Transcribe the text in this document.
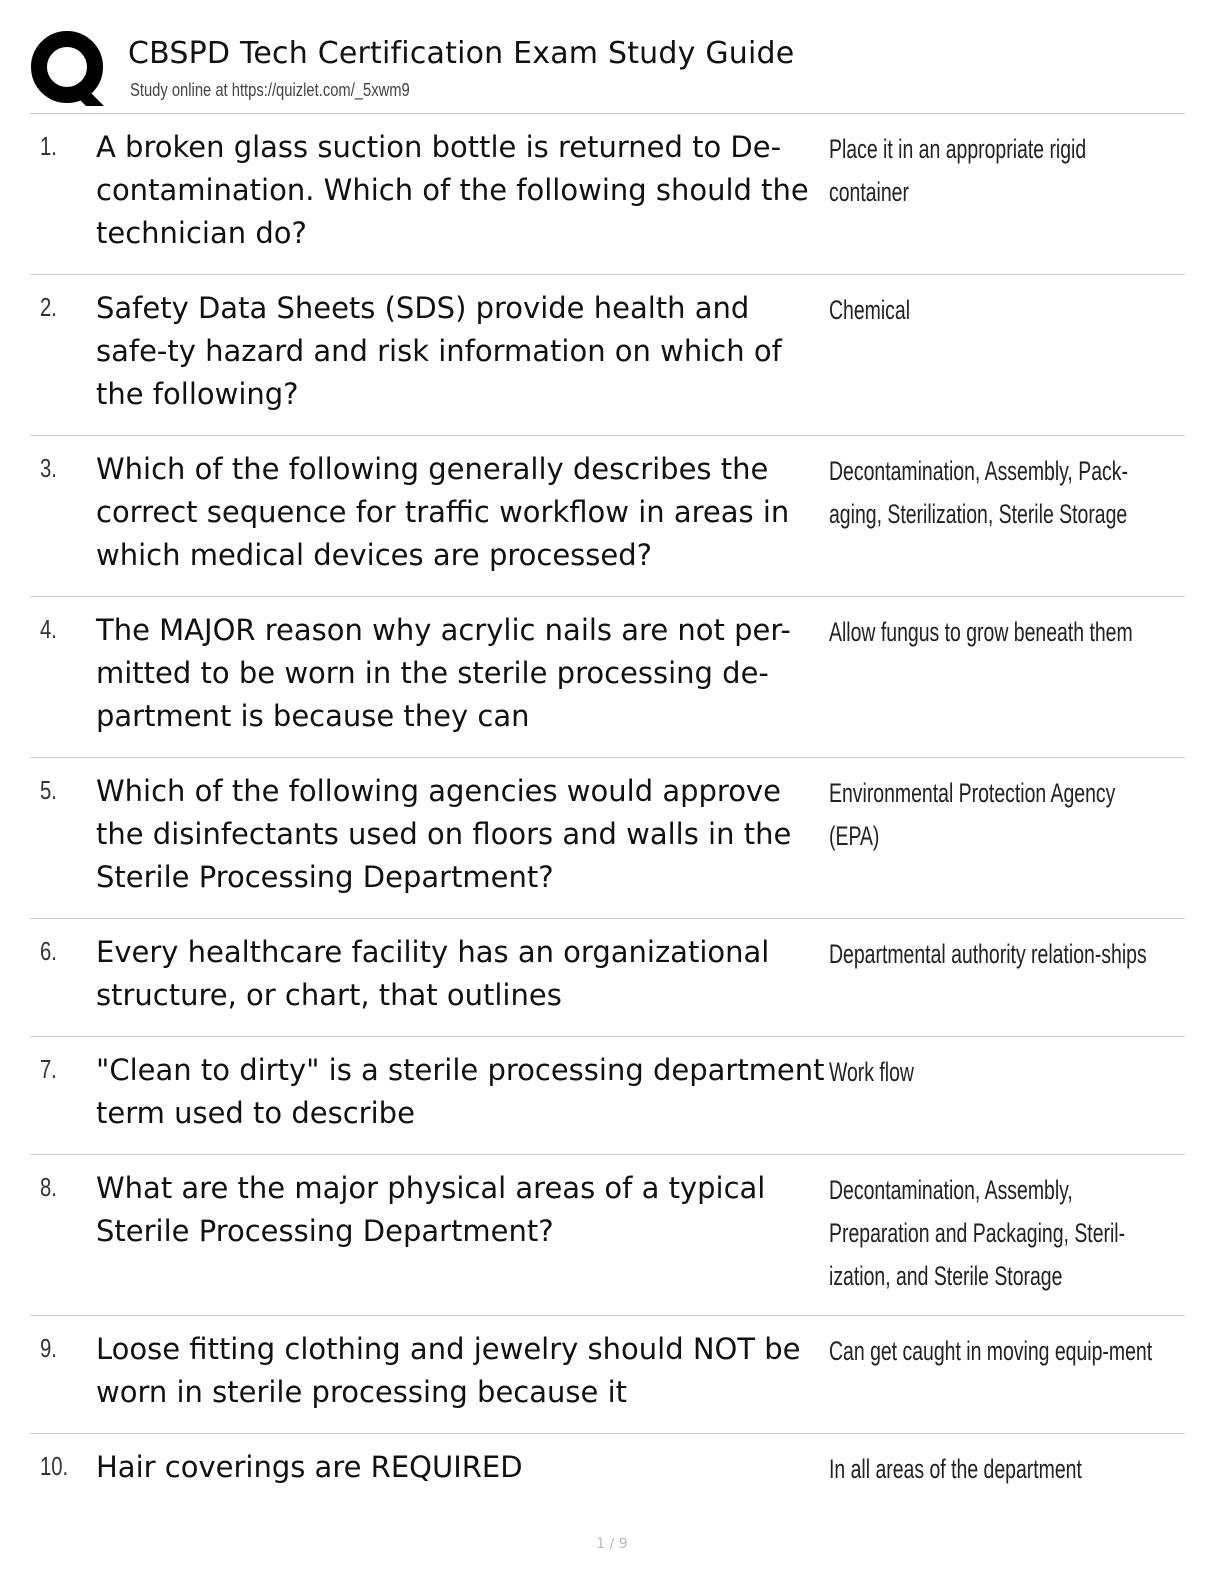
CBSPD Tech Certification Exam Study Guide
Study online at https://quizlet.com/_5xwm9
1. A broken glass suction bottle is returned to De-contamination. Which of the following should the technician do?
Place it in an appropriate rigid container
2. Safety Data Sheets (SDS) provide health and safe-ty hazard and risk information on which of the following?
Chemical
3. Which of the following generally describes the correct sequence for traffic workflow in areas in which medical devices are processed?
Decontamination, Assembly, Pack-aging, Sterilization, Sterile Storage
4. The MAJOR reason why acrylic nails are not per-mitted to be worn in the sterile processing de-partment is because they can
Allow fungus to grow beneath them
5. Which of the following agencies would approve the disinfectants used on floors and walls in the Sterile Processing Department?
Environmental Protection Agency (EPA)
6. Every healthcare facility has an organizational structure, or chart, that outlines
Departmental authority relation-ships
7. "Clean to dirty" is a sterile processing department term used to describe
Work flow
8. What are the major physical areas of a typical Sterile Processing Department?
Decontamination, Assembly, Preparation and Packaging, Steril-ization, and Sterile Storage
9. Loose fitting clothing and jewelry should NOT be worn in sterile processing because it
Can get caught in moving equip-ment
10. Hair coverings are REQUIRED	In all areas of the department
1 / 9
